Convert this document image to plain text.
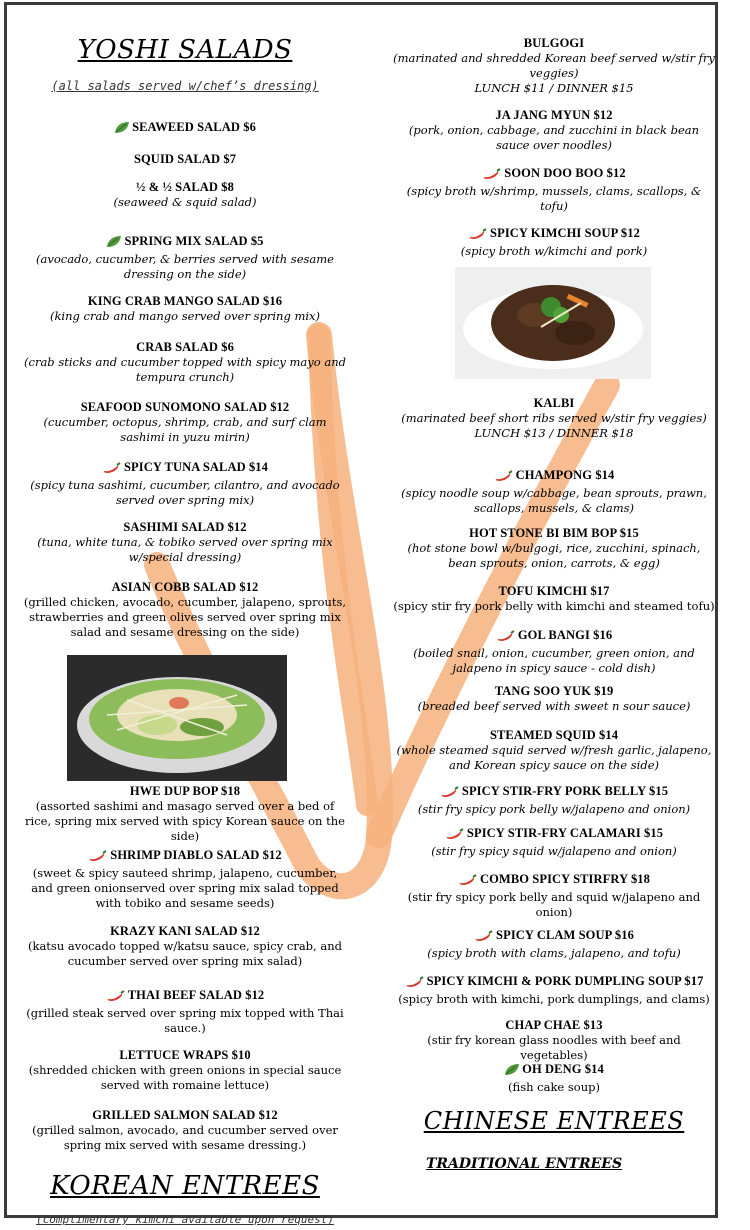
YOSHI SALADS
(all salads served w/chef’s dressing)
SEAWEED SALAD $6
SQUID SALAD $7
½ & ½ SALAD $8
(seaweed & squid salad)
SPRING MIX SALAD $5
(avocado, cucumber, & berries served with sesame dressing on the side)
KING CRAB MANGO SALAD $16
(king crab and mango served over spring mix)
CRAB SALAD $6
(crab sticks and cucumber topped with spicy mayo and tempura crunch)
SEAFOOD SUNOMONO SALAD $12
(cucumber, octopus, shrimp, crab, and surf clam sashimi in yuzu mirin)
SPICY TUNA SALAD $14
(spicy tuna sashimi, cucumber, cilantro, and avocado served over spring mix)
SASHIMI SALAD $12
(tuna, white tuna, & tobiko served over spring mix w/special dressing)
ASIAN COBB SALAD $12
(grilled chicken, avocado, cucumber, jalapeno, sprouts, strawberries and green olives served over spring mix salad and sesame dressing on the side)
HWE DUP BOP $18
(assorted sashimi and masago served over a bed of rice, spring mix served with spicy Korean sauce on the side)
SHRIMP DIABLO SALAD $12
(sweet & spicy sauteed shrimp, jalapeno, cucumber, and green onionserved over spring mix salad topped with tobiko and sesame seeds)
KRAZY KANI SALAD $12
(katsu avocado topped w/katsu sauce, spicy crab, and cucumber served over spring mix salad)
THAI BEEF SALAD $12
(grilled steak served over spring mix topped with Thai sauce.)
LETTUCE WRAPS $10
(shredded chicken with green onions in special sauce served with romaine lettuce)
GRILLED SALMON SALAD $12
(grilled salmon, avocado, and cucumber served over spring mix served with sesame dressing.)
KOREAN ENTREES
(complimentary kimchi available upon request)
BULGOGI
(marinated and shredded Korean beef served w/stir fry veggies)
LUNCH $11 / DINNER $15
JA JANG MYUN $12
(pork, onion, cabbage, and zucchini in black bean sauce over noodles)
SOON DOO BOO $12
(spicy broth w/shrimp, mussels, clams, scallops, & tofu)
SPICY KIMCHI SOUP $12
(spicy broth w/kimchi and pork)
KALBI
(marinated beef short ribs served w/stir fry veggies)
LUNCH $13 / DINNER $18
CHAMPONG $14
(spicy noodle soup w/cabbage, bean sprouts, prawn, scallops, mussels, & clams)
HOT STONE BI BIM BOP $15
(hot stone bowl w/bulgogi, rice, zucchini, spinach, bean sprouts, onion, carrots, & egg)
TOFU KIMCHI $17
(spicy stir fry pork belly with kimchi and steamed tofu)
GOL BANGI $16
(boiled snail, onion, cucumber, green onion, and jalapeno in spicy sauce - cold dish)
TANG SOO YUK $19
(breaded beef served with sweet n sour sauce)
STEAMED SQUID $14
(whole steamed squid served w/fresh garlic, jalapeno, and Korean spicy sauce on the side)
SPICY STIR-FRY PORK BELLY $15
(stir fry spicy pork belly w/jalapeno and onion)
SPICY STIR-FRY CALAMARI $15
(stir fry spicy squid w/jalapeno and onion)
COMBO SPICY STIRFRY $18
(stir fry spicy pork belly and squid w/jalapeno and onion)
SPICY CLAM SOUP $16
(spicy broth with clams, jalapeno, and tofu)
SPICY KIMCHI & PORK DUMPLING SOUP $17
(spicy broth with kimchi, pork dumplings, and clams)
CHAP CHAE $13
(stir fry korean glass noodles with beef and vegetables)
OH DENG $14
(fish cake soup)
CHINESE ENTREES
TRADITIONAL ENTREES
